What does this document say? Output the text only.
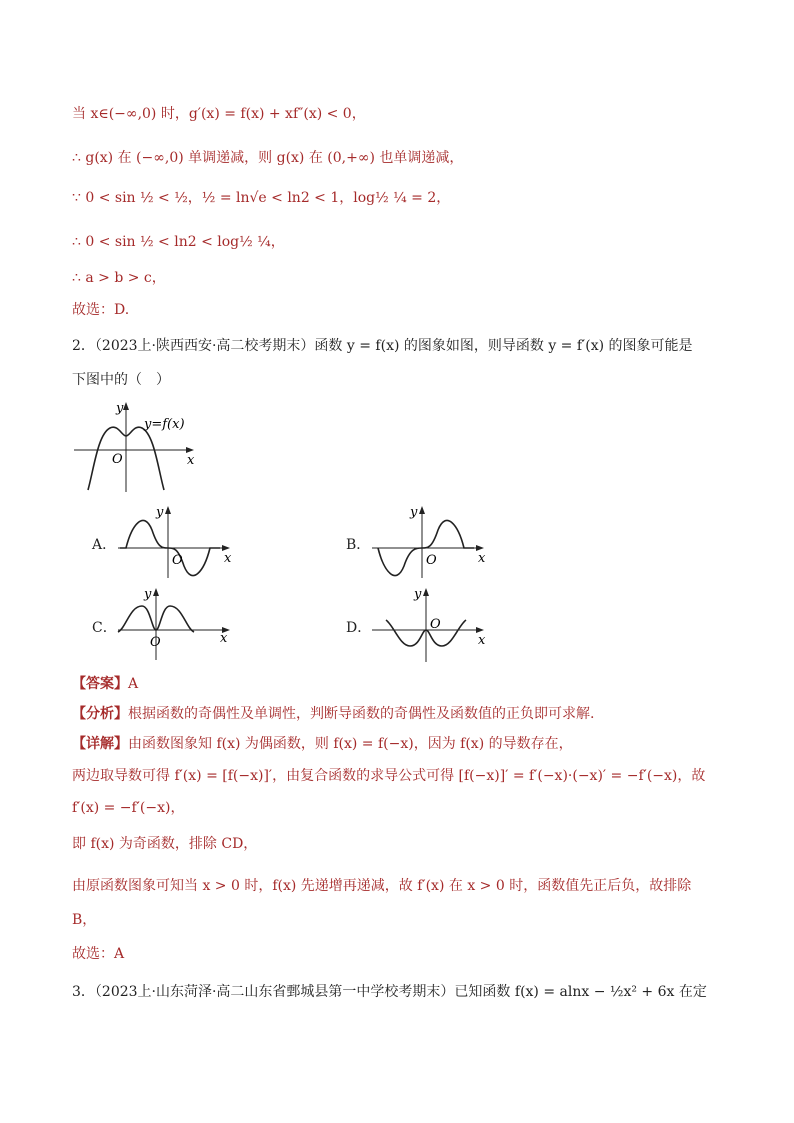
当 x∈(−∞,0) 时，g′(x) = f(x) + xf″(x) < 0，
∴ g(x) 在 (−∞,0) 单调递减，则 g(x) 在 (0,+∞) 也单调递减，
∵ 0 < sin ½ < ½，½ = ln√e < ln2 < 1，log½ ¼ = 2，
∴ 0 < sin ½ < ln2 < log½ ¼，
∴ a > b > c，
故选：D.
2．（2023上·陕西西安·高二校考期末）函数 y = f(x) 的图象如图，则导函数 y = f′(x) 的图象可能是
下图中的（　）
O
y
x
y=f(x)
A．
y
O	x
B．
y
O	x
C．
y
O	x
D．
y
O
x
【答案】A
【分析】根据函数的奇偶性及单调性，判断导函数的奇偶性及函数值的正负即可求解.
【详解】由函数图象知 f(x) 为偶函数，则 f(x) = f(−x)，因为 f(x) 的导数存在，
两边取导数可得 f′(x) = [f(−x)]′，由复合函数的求导公式可得 [f(−x)]′ = f′(−x)·(−x)′ = −f′(−x)，故
f′(x) = −f′(−x)，
即 f(x) 为奇函数，排除 CD，
由原函数图象可知当 x > 0 时，f(x) 先递增再递减，故 f′(x) 在 x > 0 时，函数值先正后负，故排除
B，
故选：A
3．（2023上·山东菏泽·高二山东省鄄城县第一中学校考期末）已知函数 f(x) = alnx − ½x² + 6x 在定
